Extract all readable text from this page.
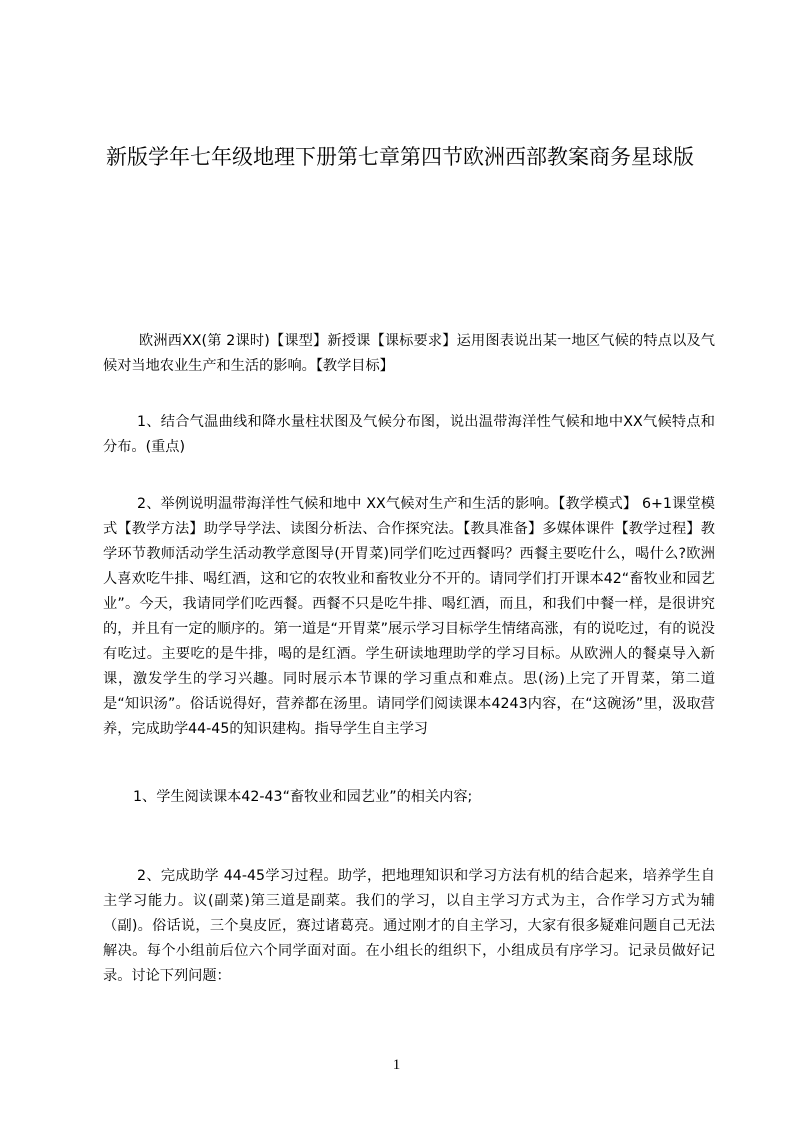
新版学年七年级地理下册第七章第四节欧洲西部教案商务星球版

欧洲西XX(第 2课时)【课型】新授课【课标要求】运用图表说出某一地区气候的特点以及气候对当地农业生产和生活的影响。【教学目标】

1、结合气温曲线和降水量柱状图及气候分布图，说出温带海洋性气候和地中XX气候特点和分布。(重点)

2、举例说明温带海洋性气候和地中 XX气候对生产和生活的影响。【教学模式】 6+1课堂模式【教学方法】助学导学法、读图分析法、合作探究法。【教具准备】多媒体课件【教学过程】教学环节教师活动学生活动教学意图导(开胃菜)同学们吃过西餐吗？西餐主要吃什么，喝什么?欧洲人喜欢吃牛排、喝红酒，这和它的农牧业和畜牧业分不开的。请同学们打开课本42“畜牧业和园艺业”。今天，我请同学们吃西餐。西餐不只是吃牛排、喝红酒，而且，和我们中餐一样，是很讲究的，并且有一定的顺序的。第一道是“开胃菜”展示学习目标学生情绪高涨，有的说吃过，有的说没有吃过。主要吃的是牛排，喝的是红酒。学生研读地理助学的学习目标。从欧洲人的餐桌导入新课，激发学生的学习兴趣。同时展示本节课的学习重点和难点。思(汤)上完了开胃菜，第二道是“知识汤”。俗话说得好，营养都在汤里。请同学们阅读课本4243内容，在“这碗汤”里，汲取营养，完成助学44-45的知识建构。指导学生自主学习

1、学生阅读课本42-43“畜牧业和园艺业”的相关内容;

2、完成助学 44-45学习过程。助学，把地理知识和学习方法有机的结合起来，培养学生自主学习能力。议(副菜)第三道是副菜。我们的学习，以自主学习方式为主，合作学习方式为辅（副)。俗话说，三个臭皮匠，赛过诸葛亮。通过刚才的自主学习，大家有很多疑难问题自己无法解决。每个小组前后位六个同学面对面。在小组长的组织下，小组成员有序学习。记录员做好记录。讨论下列问题：

1
